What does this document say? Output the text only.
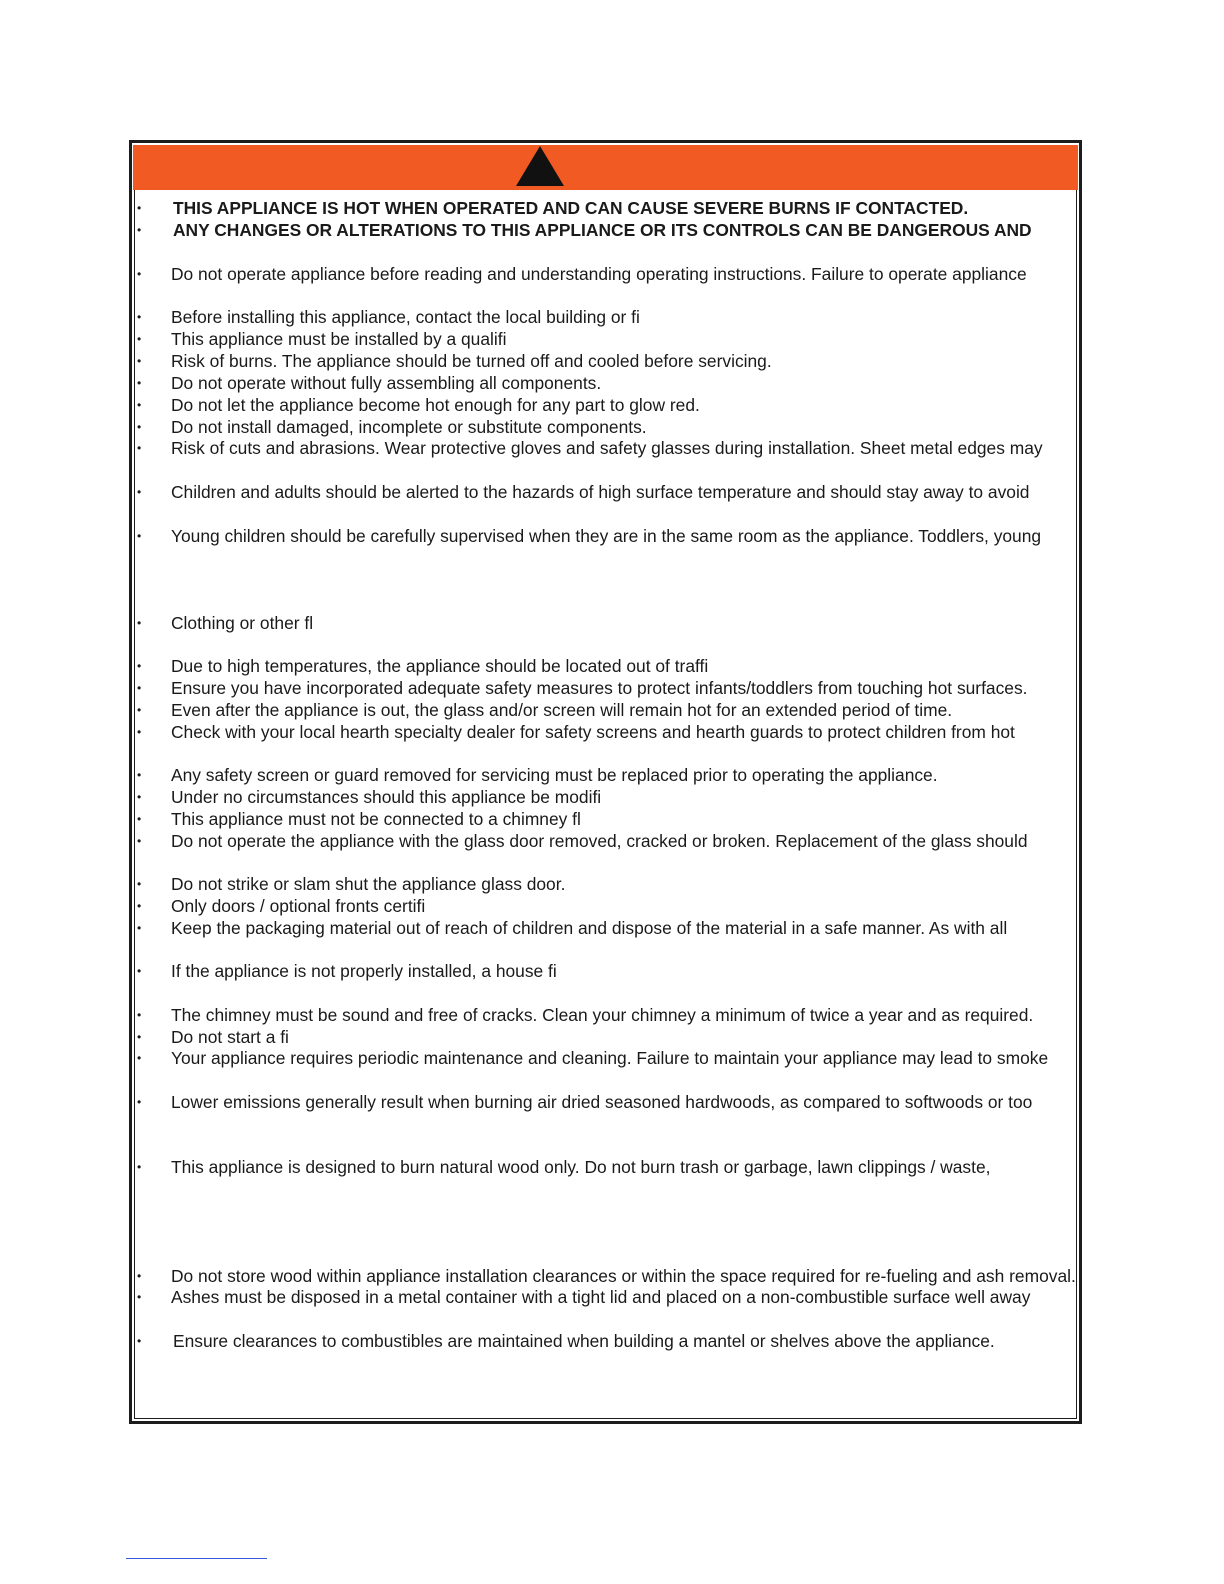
• THIS APPLIANCE IS HOT WHEN OPERATED AND CAN CAUSE SEVERE BURNS IF CONTACTED.
• ANY CHANGES OR ALTERATIONS TO THIS APPLIANCE OR ITS CONTROLS CAN BE DANGEROUS AND
• Do not operate appliance before reading and understanding operating instructions. Failure to operate appliance
• Before installing this appliance, contact the local building or fi
• This appliance must be installed by a qualifi
• Risk of burns. The appliance should be turned off and cooled before servicing.
• Do not operate without fully assembling all components.
• Do not let the appliance become hot enough for any part to glow red.
• Do not install damaged, incomplete or substitute components.
• Risk of cuts and abrasions. Wear protective gloves and safety glasses during installation. Sheet metal edges may
• Children and adults should be alerted to the hazards of high surface temperature and should stay away to avoid
• Young children should be carefully supervised when they are in the same room as the appliance. Toddlers, young
• Clothing or other fl
• Due to high temperatures, the appliance should be located out of traffi
• Ensure you have incorporated adequate safety measures to protect infants/toddlers from touching hot surfaces.
• Even after the appliance is out, the glass and/or screen will remain hot for an extended period of time.
• Check with your local hearth specialty dealer for safety screens and hearth guards to protect children from hot
• Any safety screen or guard removed for servicing must be replaced prior to operating the appliance.
• Under no circumstances should this appliance be modifi
• This appliance must not be connected to a chimney fl
• Do not operate the appliance with the glass door removed, cracked or broken. Replacement of the glass should
• Do not strike or slam shut the appliance glass door.
• Only doors / optional fronts certifi
• Keep the packaging material out of reach of children and dispose of the material in a safe manner. As with all
• If the appliance is not properly installed, a house fi
• The chimney must be sound and free of cracks. Clean your chimney a minimum of twice a year and as required.
• Do not start a fi
• Your appliance requires periodic maintenance and cleaning. Failure to maintain your appliance may lead to smoke
• Lower emissions generally result when burning air dried seasoned hardwoods, as compared to softwoods or too
• This appliance is designed to burn natural wood only. Do not burn trash or garbage, lawn clippings / waste,
• Do not store wood within appliance installation clearances or within the space required for re-fueling and ash removal.
• Ashes must be disposed in a metal container with a tight lid and placed on a non-combustible surface well away
• Ensure clearances to combustibles are maintained when building a mantel or shelves above the appliance.
